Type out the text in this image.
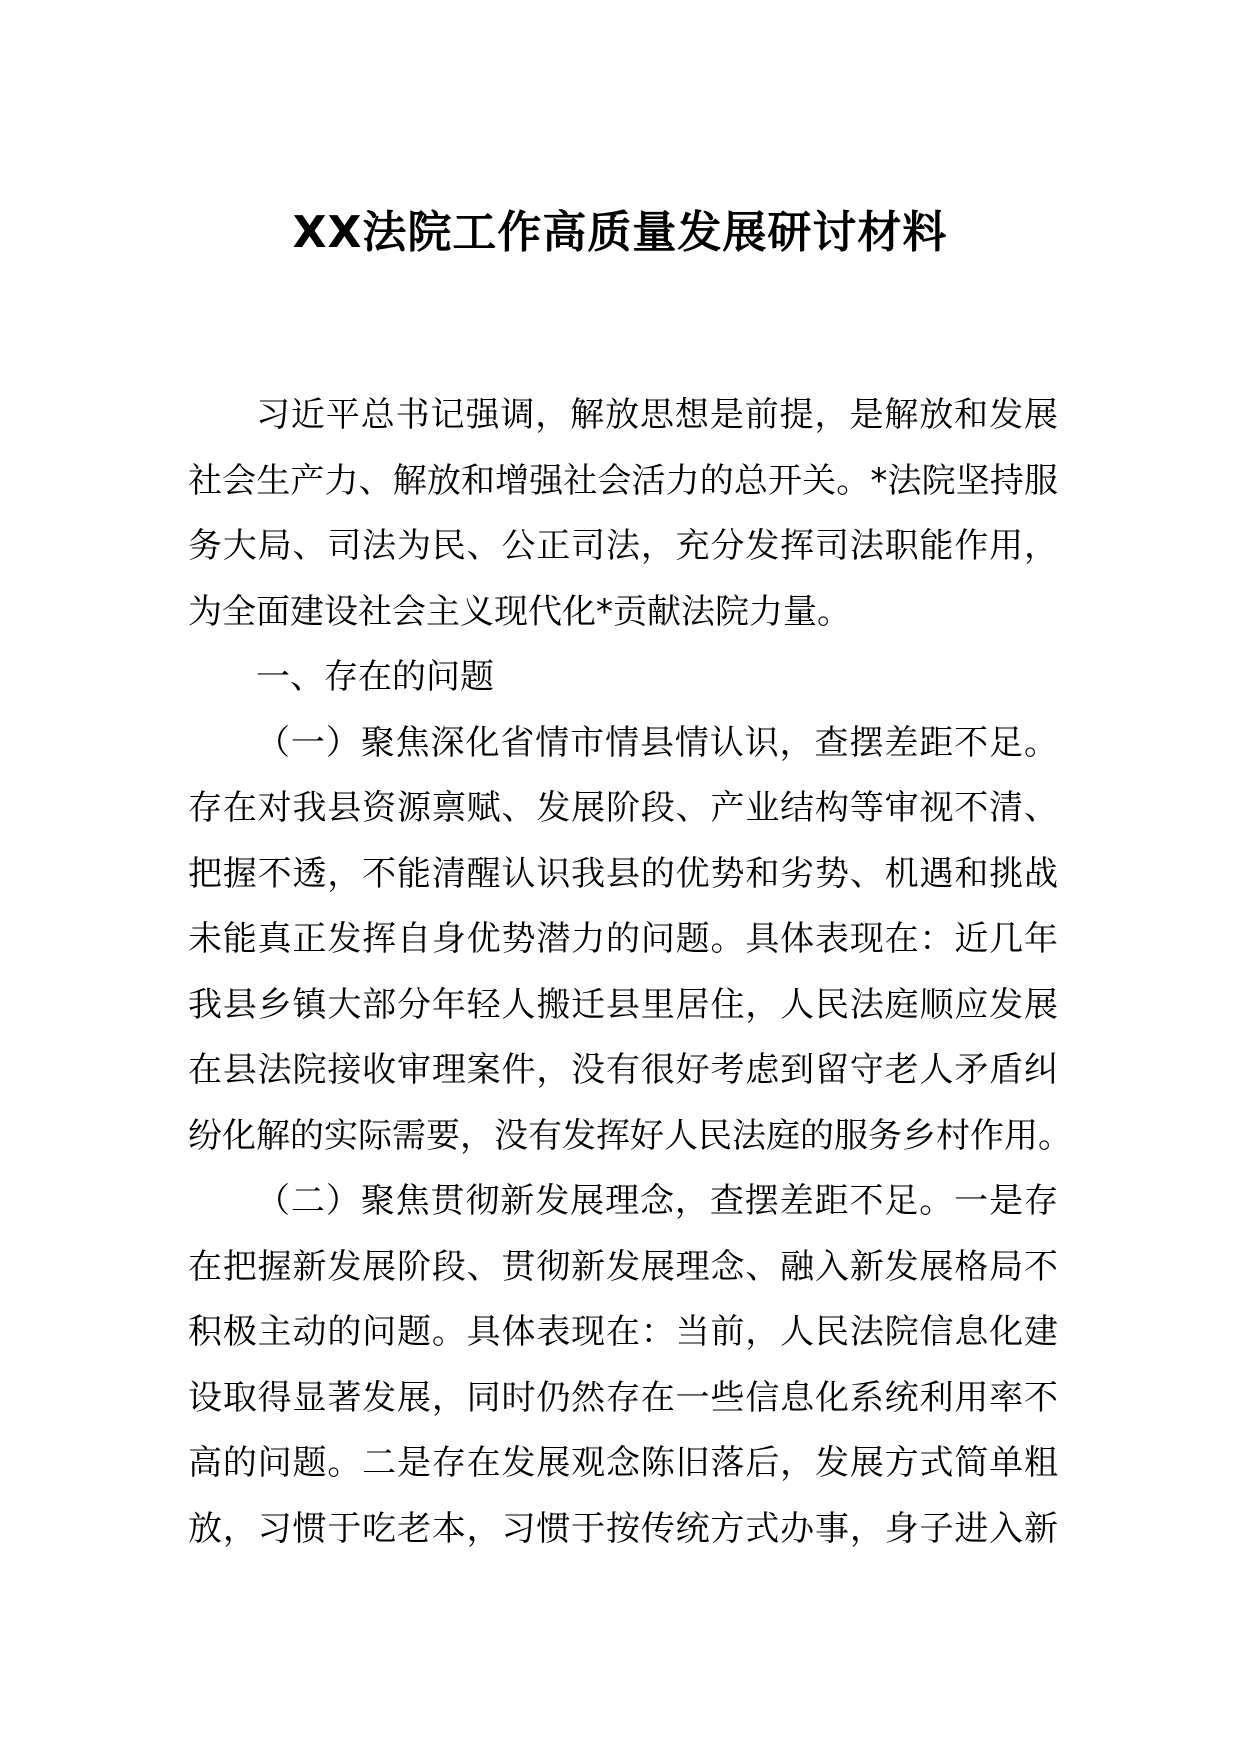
XX法院工作高质量发展研讨材料
习近平总书记强调，解放思想是前提，是解放和发展
社会生产力、解放和增强社会活力的总开关。*法院坚持服
务大局、司法为民、公正司法，充分发挥司法职能作用，
为全面建设社会主义现代化*贡献法院力量。
一、存在的问题
（一）聚焦深化省情市情县情认识，查摆差距不足。
存在对我县资源禀赋、发展阶段、产业结构等审视不清、
把握不透，不能清醒认识我县的优势和劣势、机遇和挑战
未能真正发挥自身优势潜力的问题。具体表现在：近几年
我县乡镇大部分年轻人搬迁县里居住，人民法庭顺应发展
在县法院接收审理案件，没有很好考虑到留守老人矛盾纠
纷化解的实际需要，没有发挥好人民法庭的服务乡村作用。
（二）聚焦贯彻新发展理念，查摆差距不足。一是存
在把握新发展阶段、贯彻新发展理念、融入新发展格局不
积极主动的问题。具体表现在：当前，人民法院信息化建
设取得显著发展，同时仍然存在一些信息化系统利用率不
高的问题。二是存在发展观念陈旧落后，发展方式简单粗
放，习惯于吃老本，习惯于按传统方式办事，身子进入新
